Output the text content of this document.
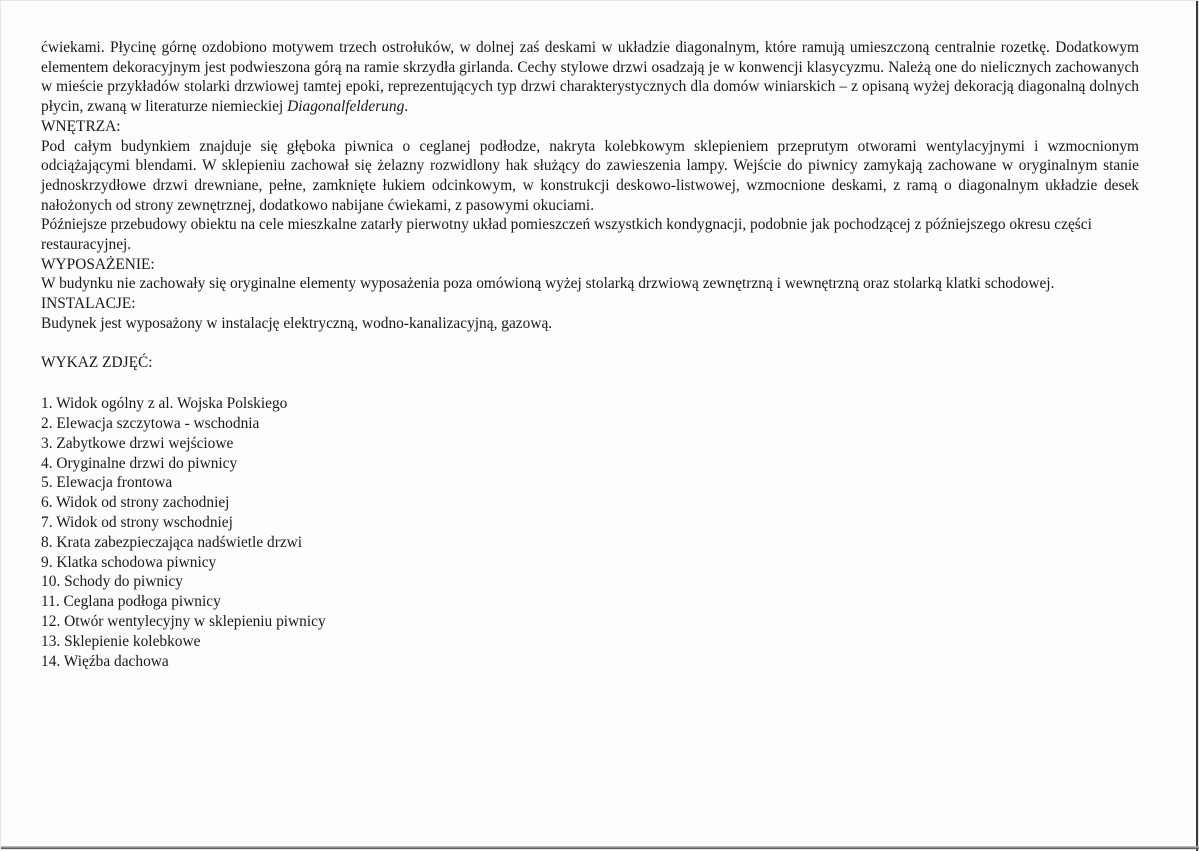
ćwiekami. Płycinę górnę ozdobiono motywem trzech ostrołuków, w dolnej zaś deskami w układzie diagonalnym, które ramują umieszczoną centralnie rozetkę. Dodatkowym elementem dekoracyjnym jest podwieszona górą na ramie skrzydła girlanda. Cechy stylowe drzwi osadzają je w konwencji klasycyzmu. Należą one do nielicznych zachowanych w mieście przykładów stolarki drzwiowej tamtej epoki, reprezentujących typ drzwi charakterystycznych dla domów winiarskich – z opisaną wyżej dekoracją diagonalną dolnych płycin, zwaną w literaturze niemieckiej Diagonalfelderung.

WNĘTRZA:

Pod całym budynkiem znajduje się głęboka piwnica o ceglanej podłodze, nakryta kolebkowym sklepieniem przeprutym otworami wentylacyjnymi i wzmocnionym odciążającymi blendami. W sklepieniu zachował się żelazny rozwidlony hak służący do zawieszenia lampy. Wejście do piwnicy zamykają zachowane w oryginalnym stanie jednoskrzydłowe drzwi drewniane, pełne, zamknięte łukiem odcinkowym, w konstrukcji deskowo-listwowej, wzmocnione deskami, z ramą o diagonalnym układzie desek nałożonych od strony zewnętrznej, dodatkowo nabijane ćwiekami, z pasowymi okuciami.

Późniejsze przebudowy obiektu na cele mieszkalne zatarły pierwotny układ pomieszczeń wszystkich kondygnacji, podobnie jak pochodzącej z późniejszego okresu części restauracyjnej.

WYPOSAŻENIE:

W budynku nie zachowały się oryginalne elementy wyposażenia poza omówioną wyżej stolarką drzwiową zewnętrzną i wewnętrzną oraz stolarką klatki schodowej.

INSTALACJE:

Budynek jest wyposażony w instalację elektryczną, wodno-kanalizacyjną, gazową.

WYKAZ ZDJĘĆ:

1. Widok ogólny z al. Wojska Polskiego
2. Elewacja szczytowa - wschodnia
3. Zabytkowe drzwi wejściowe
4. Oryginalne drzwi do piwnicy
5. Elewacja frontowa
6. Widok od strony zachodniej
7. Widok od strony wschodniej
8. Krata zabezpieczająca nadświetle drzwi
9. Klatka schodowa piwnicy
10. Schody do piwnicy
11. Ceglana podłoga piwnicy
12. Otwór wentylecyjny w sklepieniu piwnicy
13. Sklepienie kolebkowe
14. Więźba dachowa
